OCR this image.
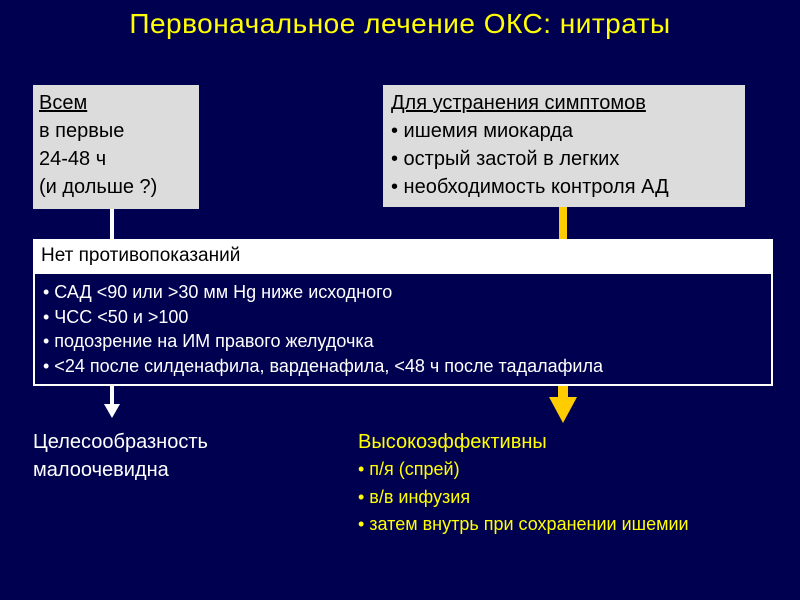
Первоначальное лечение ОКС: нитраты
Всем
в первые
24-48 ч
(и дольше ?)
Для устранения симптомов
• ишемия миокарда
• острый застой в легких
• необходимость контроля АД
Нет противопоказаний
• САД <90 или >30 мм Hg ниже исходного
• ЧСС <50 и >100
• подозрение на ИМ правого желудочка
• <24 после силденафила, варденафила, <48 ч после тадалафила
Целесообразность
малоочевидна
Высокоэффективны
• п/я (спрей)
• в/в инфузия
• затем внутрь при сохранении ишемии
